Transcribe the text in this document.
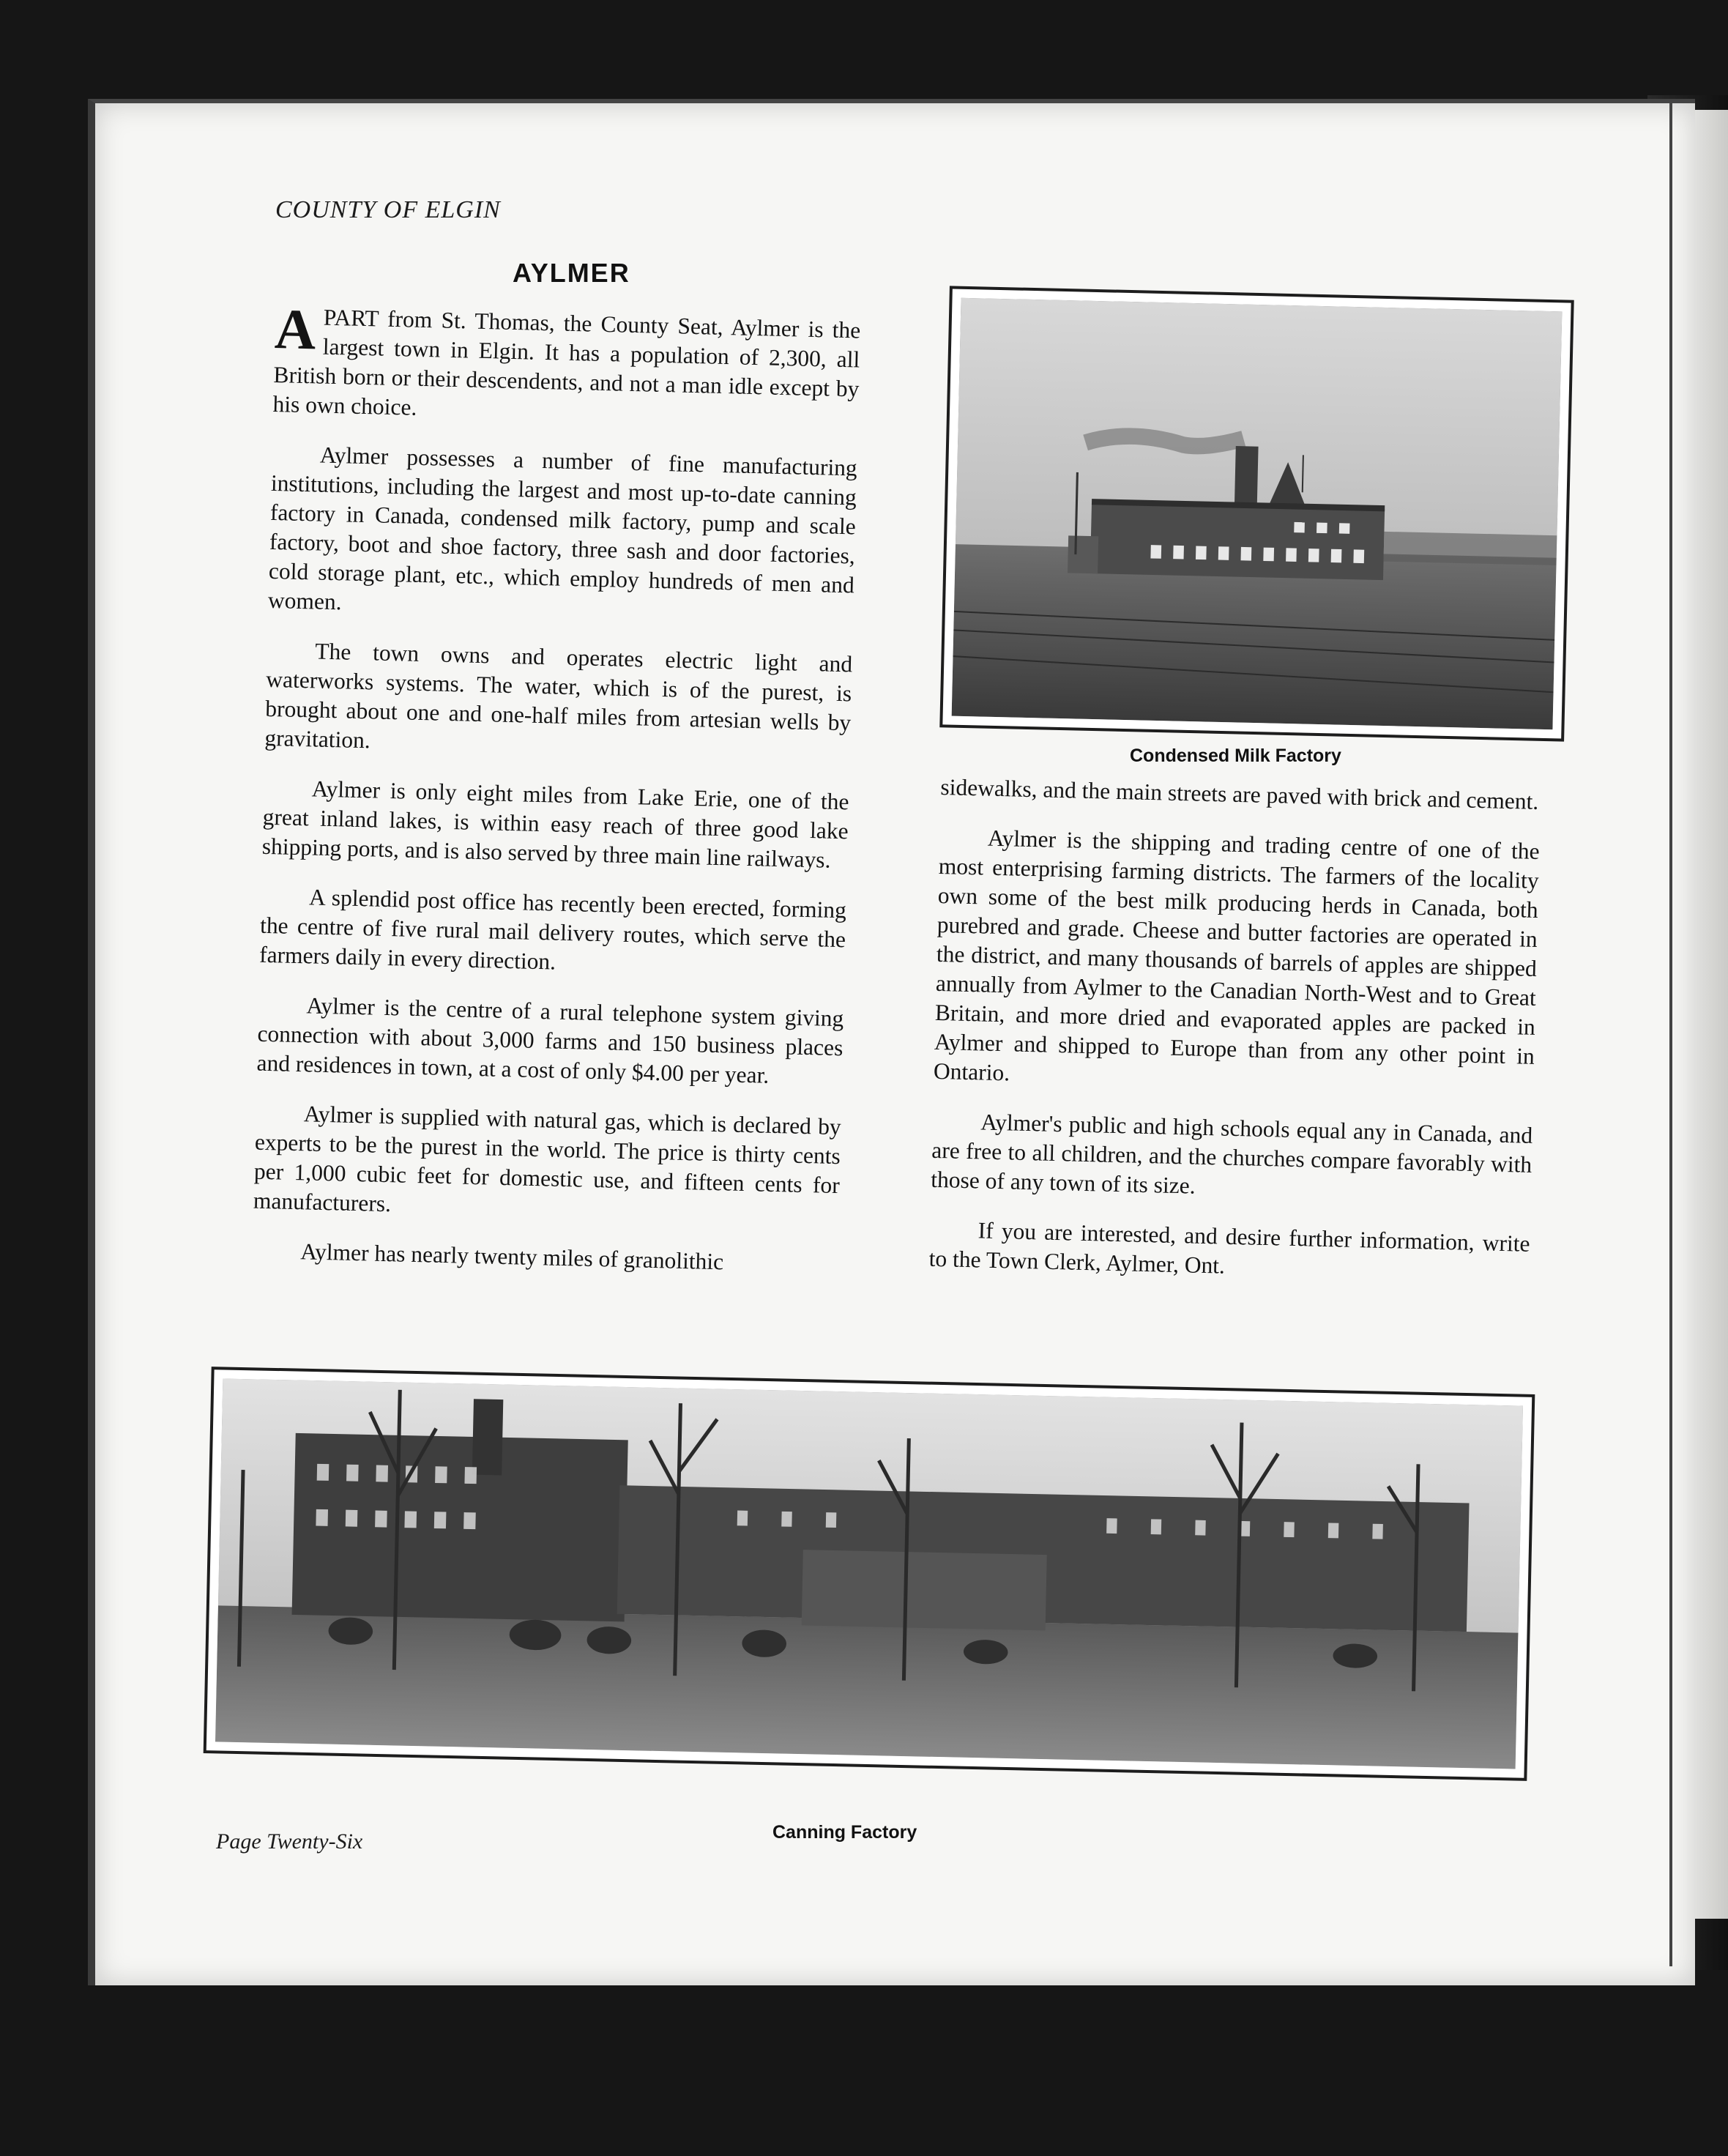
COUNTY OF ELGIN
AYLMER

APART from St. Thomas, the County Seat, Aylmer is the largest town in Elgin. It has a population of 2,300, all British born or their descendents, and not a man idle except by his own choice.

Aylmer possesses a number of fine manufacturing institutions, including the largest and most up-to-date canning factory in Canada, condensed milk factory, pump and scale factory, boot and shoe factory, three sash and door factories, cold storage plant, etc., which employ hundreds of men and women.

The town owns and operates electric light and waterworks systems. The water, which is of the purest, is brought about one and one-half miles from artesian wells by gravitation.

Aylmer is only eight miles from Lake Erie, one of the great inland lakes, is within easy reach of three good lake shipping ports, and is also served by three main line railways.

A splendid post office has recently been erected, forming the centre of five rural mail delivery routes, which serve the farmers daily in every direction.

Aylmer is the centre of a rural telephone system giving connection with about 3,000 farms and 150 business places and residences in town, at a cost of only $4.00 per year.

Aylmer is supplied with natural gas, which is declared by experts to be the purest in the world. The price is thirty cents per 1,000 cubic feet for domestic use, and fifteen cents for manufacturers.

Aylmer has nearly twenty miles of granolithic

Condensed Milk Factory

sidewalks, and the main streets are paved with brick and cement.

Aylmer is the shipping and trading centre of one of the most enterprising farming districts. The farmers of the locality own some of the best milk producing herds in Canada, both purebred and grade. Cheese and butter factories are operated in the district, and many thousands of barrels of apples are shipped annually from Aylmer to the Canadian North-West and to Great Britain, and more dried and evaporated apples are packed in Aylmer and shipped to Europe than from any other point in Ontario.

Aylmer's public and high schools equal any in Canada, and are free to all children, and the churches compare favorably with those of any town of its size.

If you are interested, and desire further information, write to the Town Clerk, Aylmer, Ont.

Canning Factory
Page Twenty-Six
